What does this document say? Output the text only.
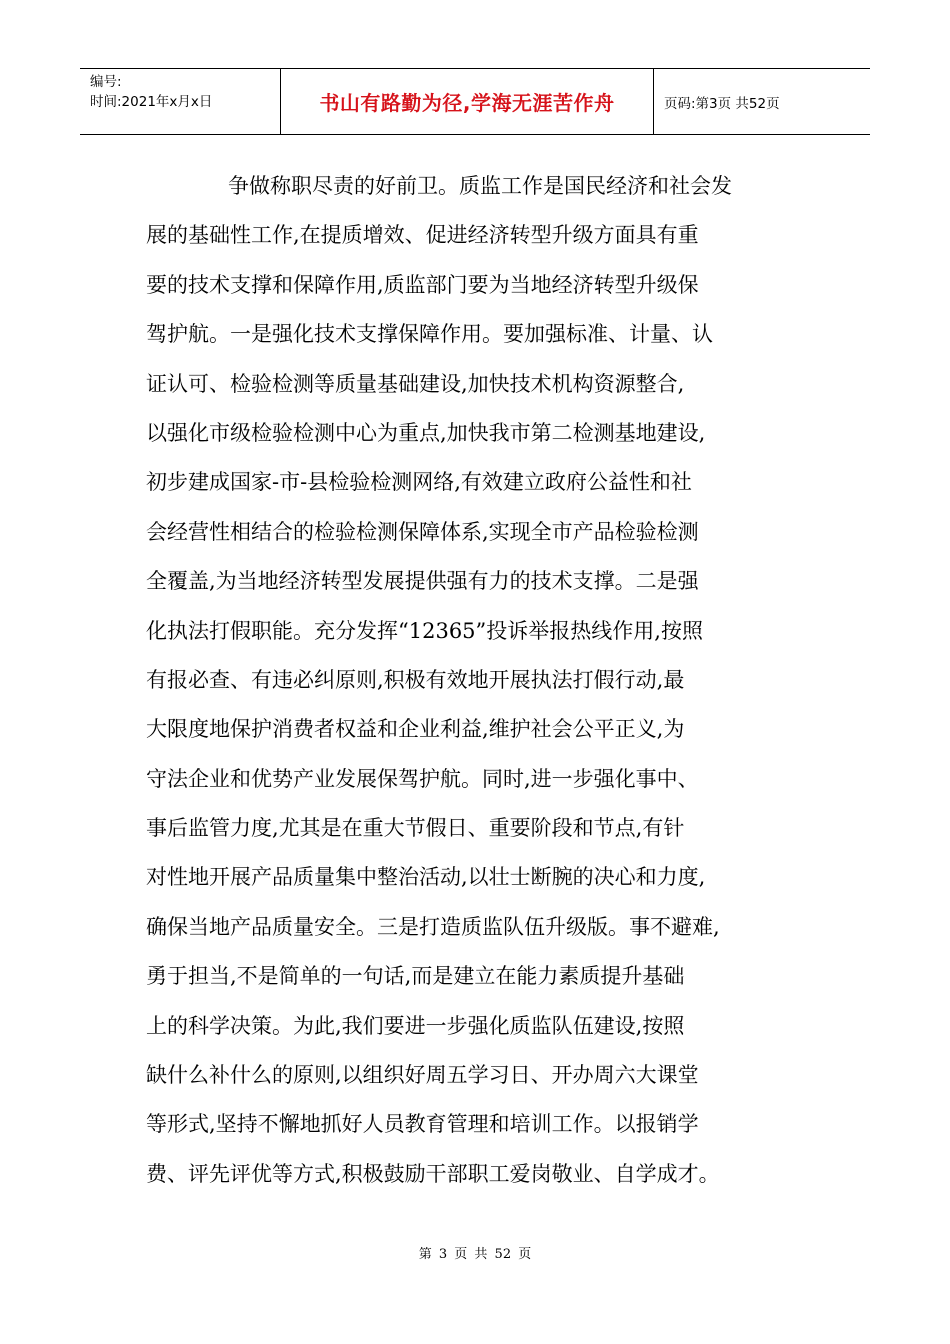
编号:
时间:2021年x月x日	书山有路勤为径,学海无涯苦作舟	页码:第3页 共52页
争做称职尽责的好前卫。质监工作是国民经济和社会发
展的基础性工作,在提质增效、促进经济转型升级方面具有重
要的技术支撑和保障作用,质监部门要为当地经济转型升级保
驾护航。一是强化技术支撑保障作用。要加强标准、计量、认
证认可、检验检测等质量基础建设,加快技术机构资源整合,
以强化市级检验检测中心为重点,加快我市第二检测基地建设,
初步建成国家-市-县检验检测网络,有效建立政府公益性和社
会经营性相结合的检验检测保障体系,实现全市产品检验检测
全覆盖,为当地经济转型发展提供强有力的技术支撑。二是强
化执法打假职能。充分发挥“12365”投诉举报热线作用,按照
有报必查、有违必纠原则,积极有效地开展执法打假行动,最
大限度地保护消费者权益和企业利益,维护社会公平正义,为
守法企业和优势产业发展保驾护航。同时,进一步强化事中、
事后监管力度,尤其是在重大节假日、重要阶段和节点,有针
对性地开展产品质量集中整治活动,以壮士断腕的决心和力度,
确保当地产品质量安全。三是打造质监队伍升级版。事不避难,
勇于担当,不是简单的一句话,而是建立在能力素质提升基础
上的科学决策。为此,我们要进一步强化质监队伍建设,按照
缺什么补什么的原则,以组织好周五学习日、开办周六大课堂
等形式,坚持不懈地抓好人员教育管理和培训工作。以报销学
费、评先评优等方式,积极鼓励干部职工爱岗敬业、自学成才。
第 3 页 共 52 页
